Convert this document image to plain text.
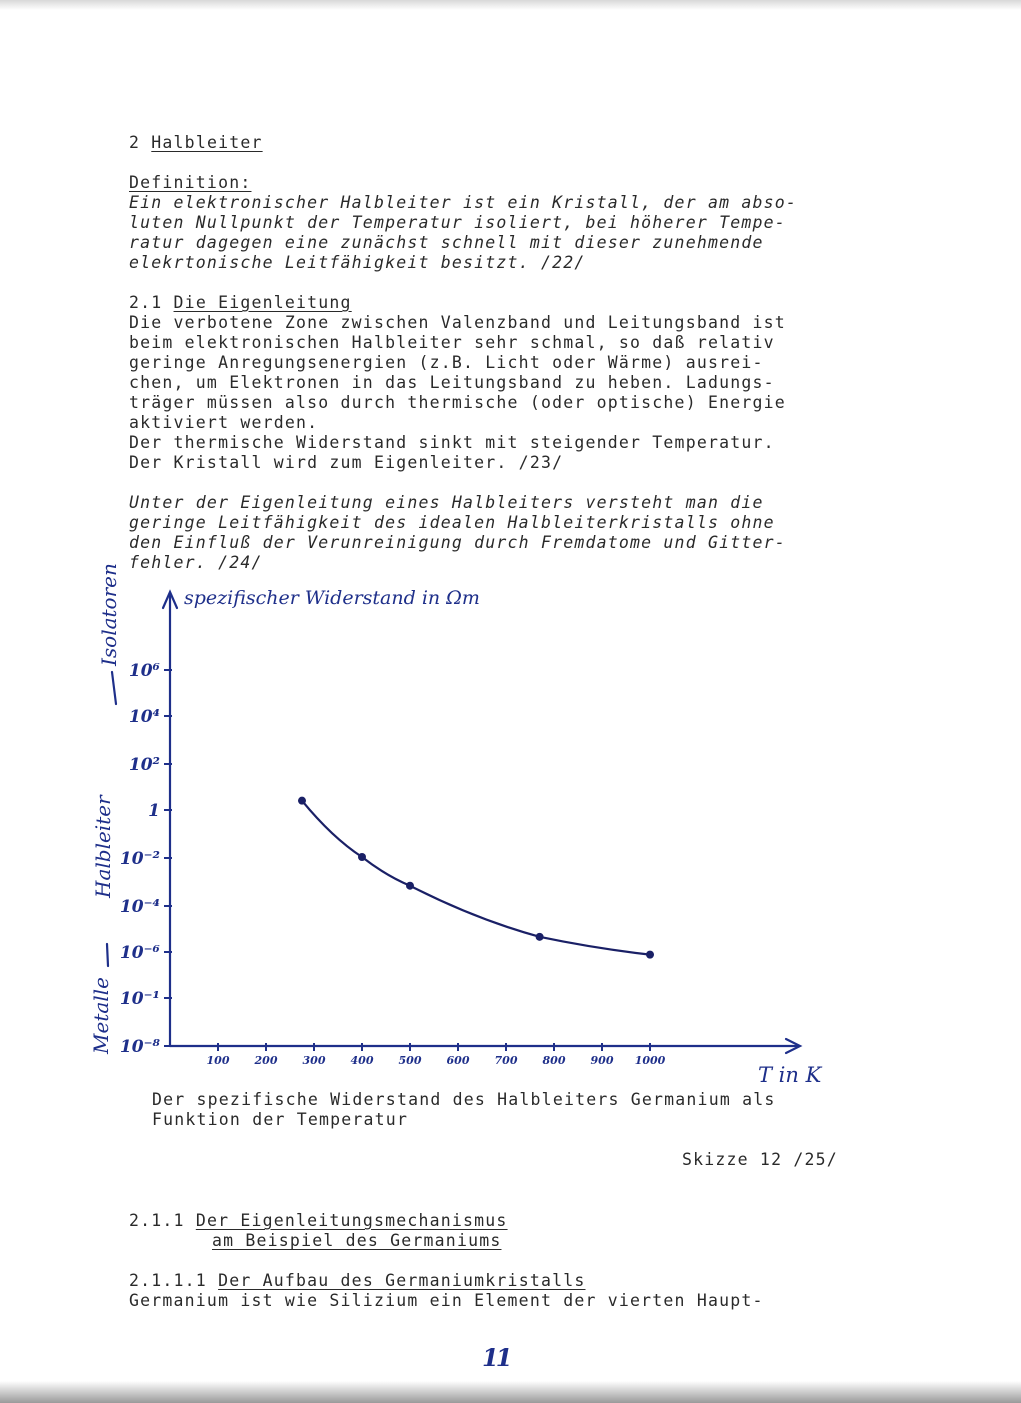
2 Halbleiter
Definition:
Ein elektronischer Halbleiter ist ein Kristall, der am abso-
luten Nullpunkt der Temperatur isoliert, bei höherer Tempe-
ratur dagegen eine zunächst schnell mit dieser zunehmende
elekrtonische Leitfähigkeit besitzt. /22/
2.1 Die Eigenleitung
Die verbotene Zone zwischen Valenzband und Leitungsband ist
beim elektronischen Halbleiter sehr schmal, so daß relativ
geringe Anregungsenergien (z.B. Licht oder Wärme) ausrei-
chen, um Elektronen in das Leitungsband zu heben. Ladungs-
träger müssen also durch thermische (oder optische) Energie
aktiviert werden.
Der thermische Widerstand sinkt mit steigender Temperatur.
Der Kristall wird zum Eigenleiter. /23/
Unter der Eigenleitung eines Halbleiters versteht man die
geringe Leitfähigkeit des idealen Halbleiterkristalls ohne
den Einfluß der Verunreinigung durch Fremdatome und Gitter-
fehler. /24/
10⁻⁸
10⁻¹
10⁻⁶
10⁻⁴
10⁻²
1
10²
10⁴
10⁶
100 200 300 400 500 600 700 800 900 1000
spezifischer Widerstand in Ωm
T in K
Isolatoren
Halbleiter
Metalle
Der spezifische Widerstand des Halbleiters Germanium als
Funktion der Temperatur
Skizze 12 /25/
2.1.1 Der Eigenleitungsmechanismus
am Beispiel des Germaniums
2.1.1.1 Der Aufbau des Germaniumkristalls
Germanium ist wie Silizium ein Element der vierten Haupt-
11
